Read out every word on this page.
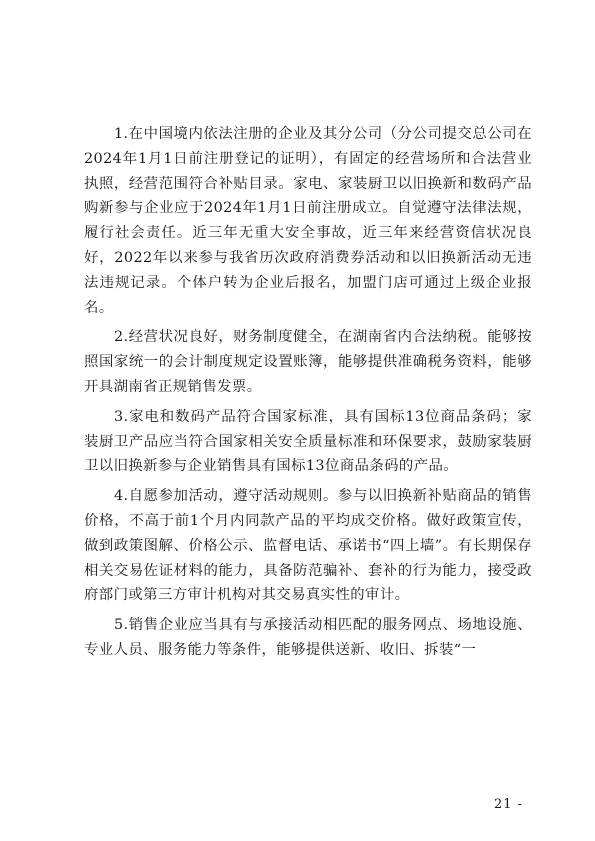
1.在中国境内依法注册的企业及其分公司（分公司提交总公司在2024年1月1日前注册登记的证明），有固定的经营场所和合法营业执照，经营范围符合补贴目录。家电、家装厨卫以旧换新和数码产品购新参与企业应于2024年1月1日前注册成立。自觉遵守法律法规，履行社会责任。近三年无重大安全事故，近三年来经营资信状况良好，2022年以来参与我省历次政府消费券活动和以旧换新活动无违法违规记录。个体户转为企业后报名，加盟门店可通过上级企业报名。

2.经营状况良好，财务制度健全，在湖南省内合法纳税。能够按照国家统一的会计制度规定设置账簿，能够提供准确税务资料，能够开具湖南省正规销售发票。

3.家电和数码产品符合国家标准，具有国标13位商品条码；家装厨卫产品应当符合国家相关安全质量标准和环保要求，鼓励家装厨卫以旧换新参与企业销售具有国标13位商品条码的产品。

4.自愿参加活动，遵守活动规则。参与以旧换新补贴商品的销售价格，不高于前1个月内同款产品的平均成交价格。做好政策宣传，做到政策图解、价格公示、监督电话、承诺书“四上墙”。有长期保存相关交易佐证材料的能力，具备防范骗补、套补的行为能力，接受政府部门或第三方审计机构对其交易真实性的审计。

5.销售企业应当具有与承接活动相匹配的服务网点、场地设施、专业人员、服务能力等条件，能够提供送新、收旧、拆装“一

21 -
